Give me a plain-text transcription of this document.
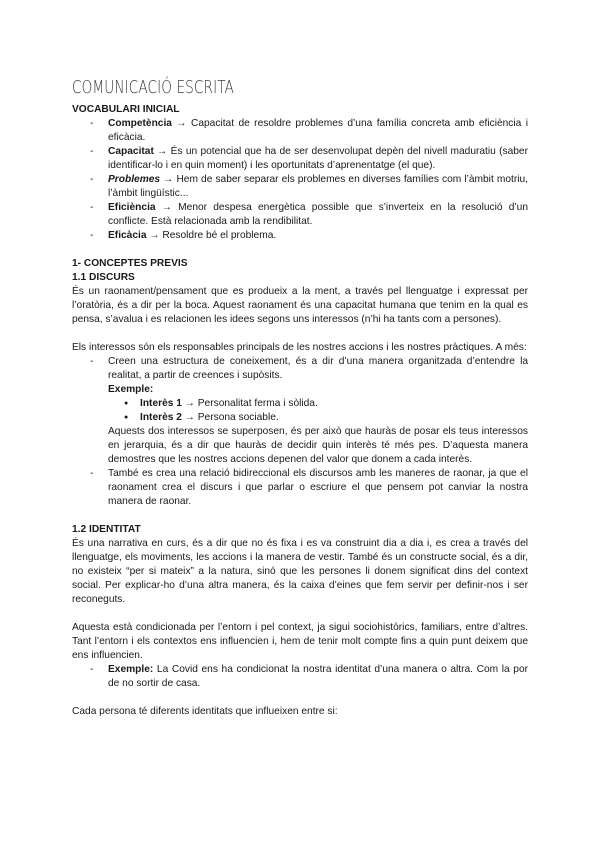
COMUNICACIÓ ESCRITA

VOCABULARI INICIAL

- Competència → Capacitat de resoldre problemes d’una família concreta amb eficiència i eficàcia.
- Capacitat → És un potencial que ha de ser desenvolupat depèn del nivell maduratiu (saber identificar-lo i en quin moment) i les oportunitats d’aprenentatge (el que).
- Problemes → Hem de saber separar els problemes en diverses famílies com l’àmbit motriu, l’àmbit lingüístic...
- Eficiència → Menor despesa energètica possible que s’inverteix en la resolució d’un conflicte. Està relacionada amb la rendibilitat.
- Eficàcia → Resoldre bé el problema.

1- CONCEPTES PREVIS

1.1 DISCURS

És un raonament/pensament que es produeix a la ment, a través pel llenguatge i expressat per l’oratòria, és a dir per la boca. Aquest raonament és una capacitat humana que tenim en la qual es pensa, s’avalua i es relacionen les idees segons uns interessos (n’hi ha tants com a persones).

Els interessos són els responsables principals de les nostres accions i les nostres pràctiques. A més:

- Creen una estructura de coneixement, és a dir d’una manera organitzada d’entendre la realitat, a partir de creences i supòsits.
Exemple:
● Interès 1 → Personalitat ferma i sòlida.
● Interès 2 → Persona sociable.
Aquests dos interessos se superposen, és per això que hauràs de posar els teus interessos en jerarquia, és a dir que hauràs de decidir quin interès té més pes. D’aquesta manera demostres que les nostres accions depenen del valor que donem a cada interès.
- També es crea una relació bidireccional els discursos amb les maneres de raonar, ja que el raonament crea el discurs i que parlar o escriure el que pensem pot canviar la nostra manera de raonar.

1.2 IDENTITAT

És una narrativa en curs, és a dir que no és fixa i es va construint dia a dia i, es crea a través del llenguatge, els moviments, les accions i la manera de vestir. També és un constructe social, és a dir, no existeix “per si mateix” a la natura, sinó que les persones li donem significat dins del context social. Per explicar-ho d’una altra manera, és la caixa d’eines que fem servir per definir-nos i ser reconeguts.

Aquesta està condicionada per l’entorn i pel context, ja sigui sociohistòrics, familiars, entre d’altres. Tant l’entorn i els contextos ens influencien i, hem de tenir molt compte fins a quin punt deixem que ens influencien.

- Exemple: La Covid ens ha condicionat la nostra identitat d’una manera o altra. Com la por de no sortir de casa.

Cada persona té diferents identitats que influeixen entre si:
